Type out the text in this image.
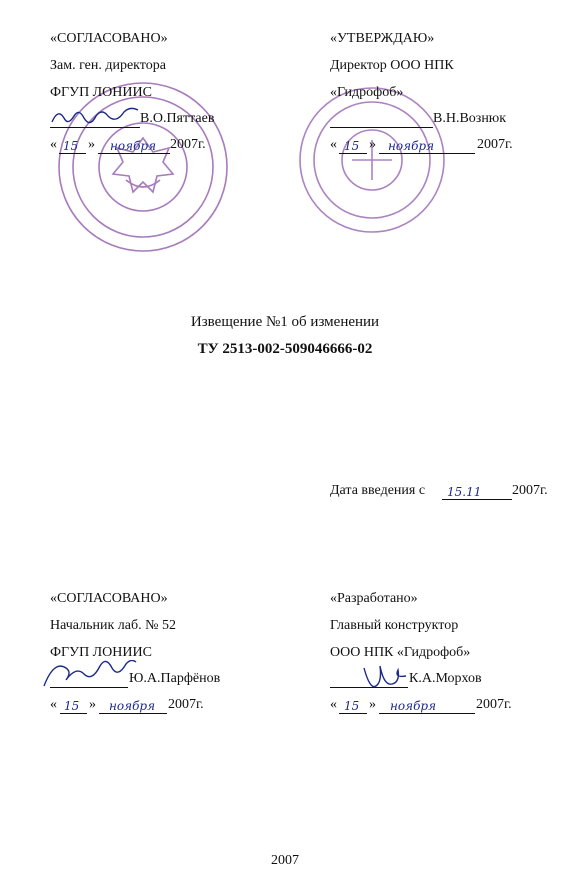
«СОГЛАСОВАНО»
Зам. ген. директора
ФГУП ЛОНИИС
В.О.Пяттаев
« 15 » ноября 2007г.
«УТВЕРЖДАЮ»
Директор ООО НПК
«Гидрофоб»
В.Н.Вознюк
« 15 » ноября	2007г.
Извещение №1 об изменении
ТУ 2513-002-509046666-02
Дата введения с 15.11 2007г.
«СОГЛАСОВАНО»
Начальник лаб. № 52
ФГУП ЛОНИИС
Ю.А.Парфёнов
« 15 » ноября 2007г.
«Разработано»
Главный конструктор
ООО НПК «Гидрофоб»
К.А.Морхов
« 15 » ноября	2007г.
2007
